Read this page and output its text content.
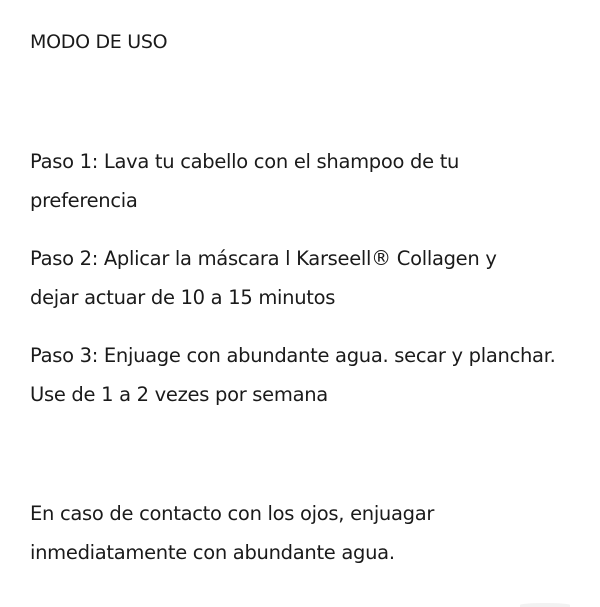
MODO DE USO

Paso 1: Lava tu cabello con el shampoo de tu
preferencia

Paso 2: Aplicar la máscara l Karseell® Collagen y
dejar actuar de 10 a 15 minutos

Paso 3: Enjuage con abundante agua. secar y planchar.
Use de 1 a 2 vezes por semana

En caso de contacto con los ojos, enjuagar
inmediatamente con abundante agua.
